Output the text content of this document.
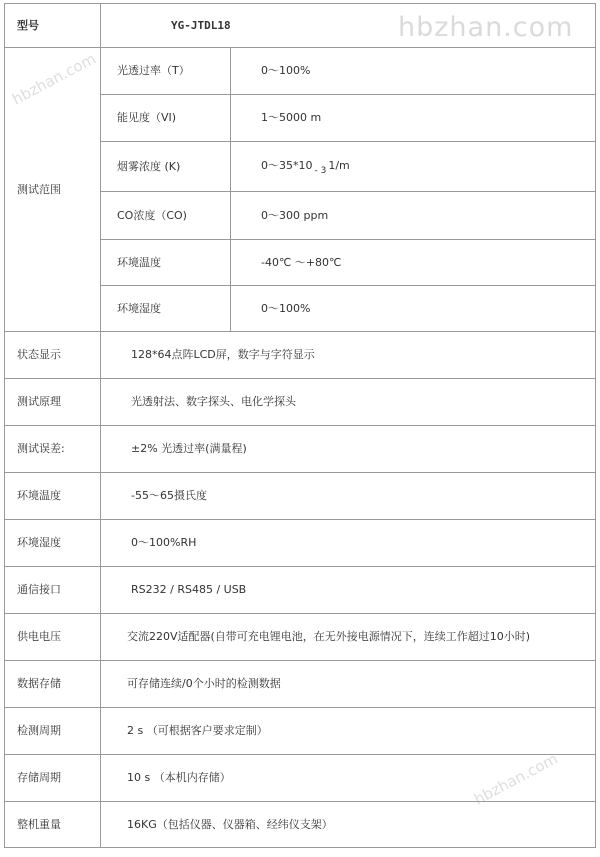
hbzhan.com
hbzhan.com
hbzhan.com
型号	YG-JTDL18	
测试范围	光透过率（T）	0～100%
	能见度（VI)	1～5000 m
	烟雾浓度 (K)	0～35*10 $_{- 3}$ 1/m
	CO浓度（CO)	0～300 ppm
	环境温度	-40℃ ～+80℃
	环境湿度	0～100%
状态显示	128*64点阵LCD屏，数字与字符显示	
测试原理	光透射法、数字探头、电化学探头	
测试误差:	±2% 光透过率(满量程)	
环境温度	-55～65摄氏度	
环境湿度	0～100%RH	
通信接口	RS232 / RS485 / USB	
供电电压	交流220V适配器(自带可充电锂电池，在无外接电源情况下，连续工作超过10小时)	
数据存储	可存储连续/0个小时的检测数据	
检测周期	2 s （可根据客户要求定制）	
存储周期	10 s （本机内存储）	
整机重量	16KG（包括仪器、仪器箱、经纬仪支架）	
